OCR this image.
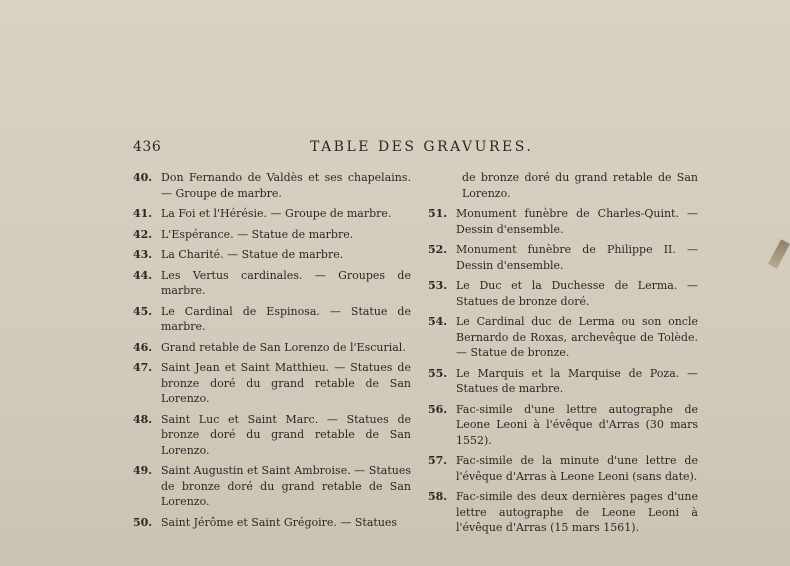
436	TABLE DES GRAVURES.
40. Don Fernando de Valdès et ses chapelains. — Groupe de marbre.
41. La Foi et l'Hérésie. — Groupe de marbre.
42. L'Espérance. — Statue de marbre.
43. La Charité. — Statue de marbre.
44. Les Vertus cardinales. — Groupes de marbre.
45. Le Cardinal de Espinosa. — Statue de marbre.
46. Grand retable de San Lorenzo de l'Escurial.
47. Saint Jean et Saint Matthieu. — Statues de bronze doré du grand retable de San Lorenzo.
48. Saint Luc et Saint Marc. — Statues de bronze doré du grand retable de San Lorenzo.
49. Saint Augustin et Saint Ambroise. — Statues de bronze doré du grand retable de San Lorenzo.
50. Saint Jérôme et Saint Grégoire. — Statues
de bronze doré du grand retable de San Lorenzo.
51. Monument funèbre de Charles-Quint. — Dessin d'ensemble.
52. Monument funèbre de Philippe II. — Dessin d'ensemble.
53. Le Duc et la Duchesse de Lerma. — Statues de bronze doré.
54. Le Cardinal duc de Lerma ou son oncle Bernardo de Roxas, archevêque de Tolède. — Statue de bronze.
55. Le Marquis et la Marquise de Poza. — Statues de marbre.
56. Fac-simile d'une lettre autographe de Leone Leoni à l'évêque d'Arras (30 mars 1552).
57. Fac-simile de la minute d'une lettre de l'évêque d'Arras à Leone Leoni (sans date).
58. Fac-simile des deux dernières pages d'une lettre autographe de Leone Leoni à l'évêque d'Arras (15 mars 1561).
